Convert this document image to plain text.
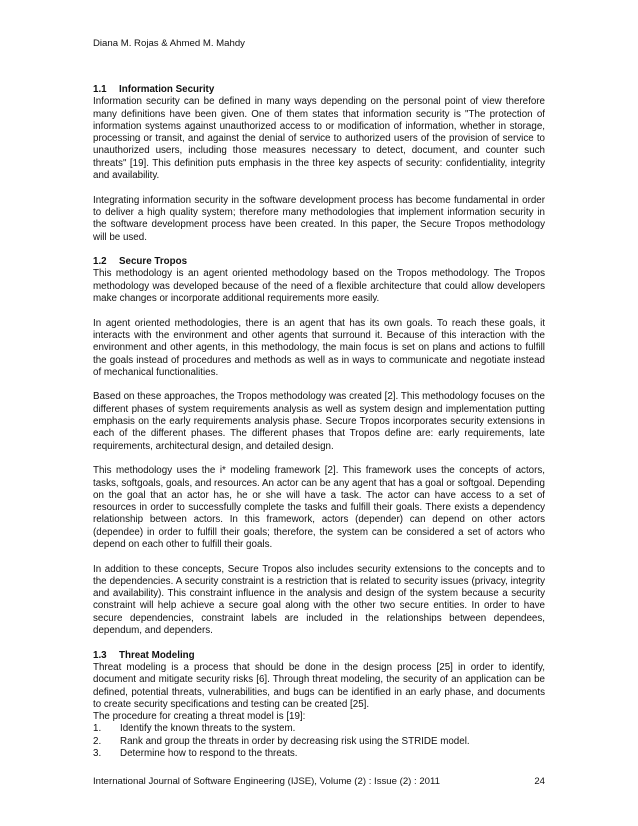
Diana M. Rojas & Ahmed M. Mahdy
1.1 Information Security

Information security can be defined in many ways depending on the personal point of view therefore many definitions have been given. One of them states that information security is "The protection of information systems against unauthorized access to or modification of information, whether in storage, processing or transit, and against the denial of service to authorized users of the provision of service to unauthorized users, including those measures necessary to detect, document, and counter such threats" [19]. This definition puts emphasis in the three key aspects of security: confidentiality, integrity and availability.

Integrating information security in the software development process has become fundamental in order to deliver a high quality system; therefore many methodologies that implement information security in the software development process have been created. In this paper, the Secure Tropos methodology will be used.

1.2 Secure Tropos

This methodology is an agent oriented methodology based on the Tropos methodology. The Tropos methodology was developed because of the need of a flexible architecture that could allow developers make changes or incorporate additional requirements more easily.

In agent oriented methodologies, there is an agent that has its own goals. To reach these goals, it interacts with the environment and other agents that surround it. Because of this interaction with the environment and other agents, in this methodology, the main focus is set on plans and actions to fulfill the goals instead of procedures and methods as well as in ways to communicate and negotiate instead of mechanical functionalities.

Based on these approaches, the Tropos methodology was created [2]. This methodology focuses on the different phases of system requirements analysis as well as system design and implementation putting emphasis on the early requirements analysis phase. Secure Tropos incorporates security extensions in each of the different phases. The different phases that Tropos define are: early requirements, late requirements, architectural design, and detailed design.

This methodology uses the i* modeling framework [2]. This framework uses the concepts of actors, tasks, softgoals, goals, and resources. An actor can be any agent that has a goal or softgoal. Depending on the goal that an actor has, he or she will have a task. The actor can have access to a set of resources in order to successfully complete the tasks and fulfill their goals. There exists a dependency relationship between actors. In this framework, actors (depender) can depend on other actors (dependee) in order to fulfill their goals; therefore, the system can be considered a set of actors who depend on each other to fulfill their goals.

In addition to these concepts, Secure Tropos also includes security extensions to the concepts and to the dependencies. A security constraint is a restriction that is related to security issues (privacy, integrity and availability). This constraint influence in the analysis and design of the system because a security constraint will help achieve a secure goal along with the other two secure entities. In order to have secure dependencies, constraint labels are included in the relationships between dependees, dependum, and dependers.

1.3 Threat Modeling

Threat modeling is a process that should be done in the design process [25] in order to identify, document and mitigate security risks [6]. Through threat modeling, the security of an application can be defined, potential threats, vulnerabilities, and bugs can be identified in an early phase, and documents to create security specifications and testing can be created [25].

The procedure for creating a threat model is [19]:

1.	Identify the known threats to the system.
2.	Rank and group the threats in order by decreasing risk using the STRIDE model.
3.	Determine how to respond to the threats.
International Journal of Software Engineering (IJSE), Volume (2) : Issue (2) : 2011	24
